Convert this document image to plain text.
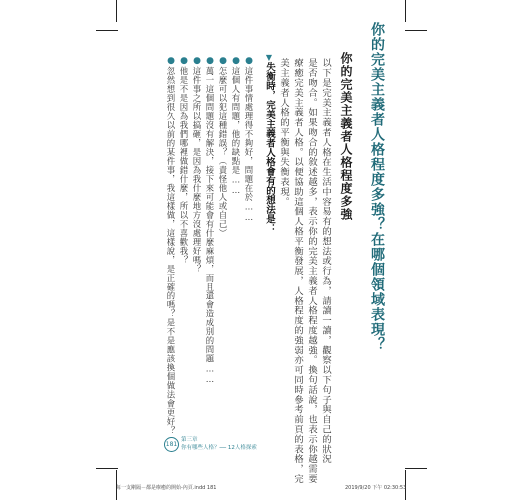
你的完美主義者人格程度多強？在哪個領域表現？
你的完美主義者人格程度多強
以下是完美主義者人格在生活中容易有的想法或行為，請讀一讀，觀察以下句子與自己的狀況
是否吻合。如果吻合的敘述越多，表示你的完美主義者人格程度越強。換句話說，也表示你越需要
療癒完美主義者人格。以便協助這個人格平衡發展，人格程度的強弱亦可同時參考前頁的表格，完
美主義者人格的平衡與失衡表現。
▼失衡時，完美主義者人格會有的想法是：
●這件事情處理得不夠好，問題在於……
●這個人有問題，他的缺點是……
●怎麼可以犯這種錯誤？（責怪他人或自己）
●萬一這個問題沒有解決，接下來可能會有什麼麻煩，而且還會造成別的問題……
●這件事之所以搞砸，是因為我什麼地方沒處理好嗎？
●他是不是因為我們哪裡做錯什麼，所以不喜歡我？
●忽然想到很久以前的某件事，我這樣做，這樣說，是正確的嗎？是不是應該換個做法會更好？
181
第三章
你有哪些人格？── 12人格探索
每一支剛隔－都是療癒的開始-內頁.indd 181	2019/9/20 下午 02:30:53
